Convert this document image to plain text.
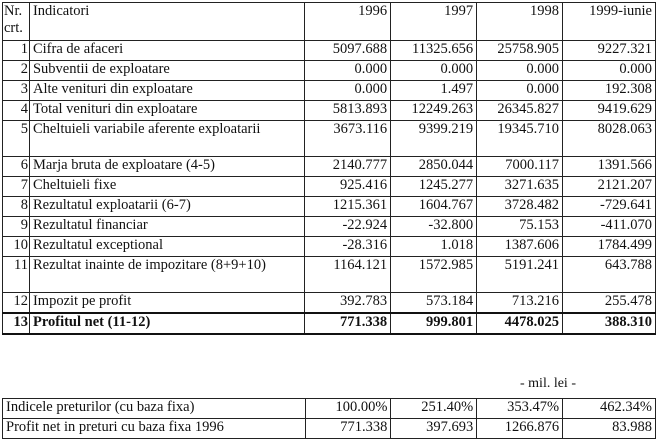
Nr. crt.	Indicatori	1996	1997	1998	1999-iunie
1	Cifra de afaceri	5097.688	11325.656	25758.905	9227.321
2	Subventii de exploatare	0.000	0.000	0.000	0.000
3	Alte venituri din exploatare	0.000	1.497	0.000	192.308
4	Total venituri din exploatare	5813.893	12249.263	26345.827	9419.629
5	Cheltuieli variabile aferente exploatarii	3673.116	9399.219	19345.710	8028.063
6	Marja bruta de exploatare (4-5)	2140.777	2850.044	7000.117	1391.566
7	Cheltuieli fixe	925.416	1245.277	3271.635	2121.207
8	Rezultatul exploatarii (6-7)	1215.361	1604.767	3728.482	-729.641
9	Rezultatul financiar	-22.924	-32.800	75.153	-411.070
10	Rezultatul exceptional	-28.316	1.018	1387.606	1784.499
11	Rezultat inainte de impozitare (8+9+10)	1164.121	1572.985	5191.241	643.788
12	Impozit pe profit	392.783	573.184	713.216	255.478
13	Profitul net (11-12)	771.338	999.801	4478.025	388.310
- mil. lei -
Indicele preturilor (cu baza fixa)	100.00%	251.40%	353.47%	462.34%
Profit net in preturi cu baza fixa 1996	771.338	397.693	1266.876	83.988
